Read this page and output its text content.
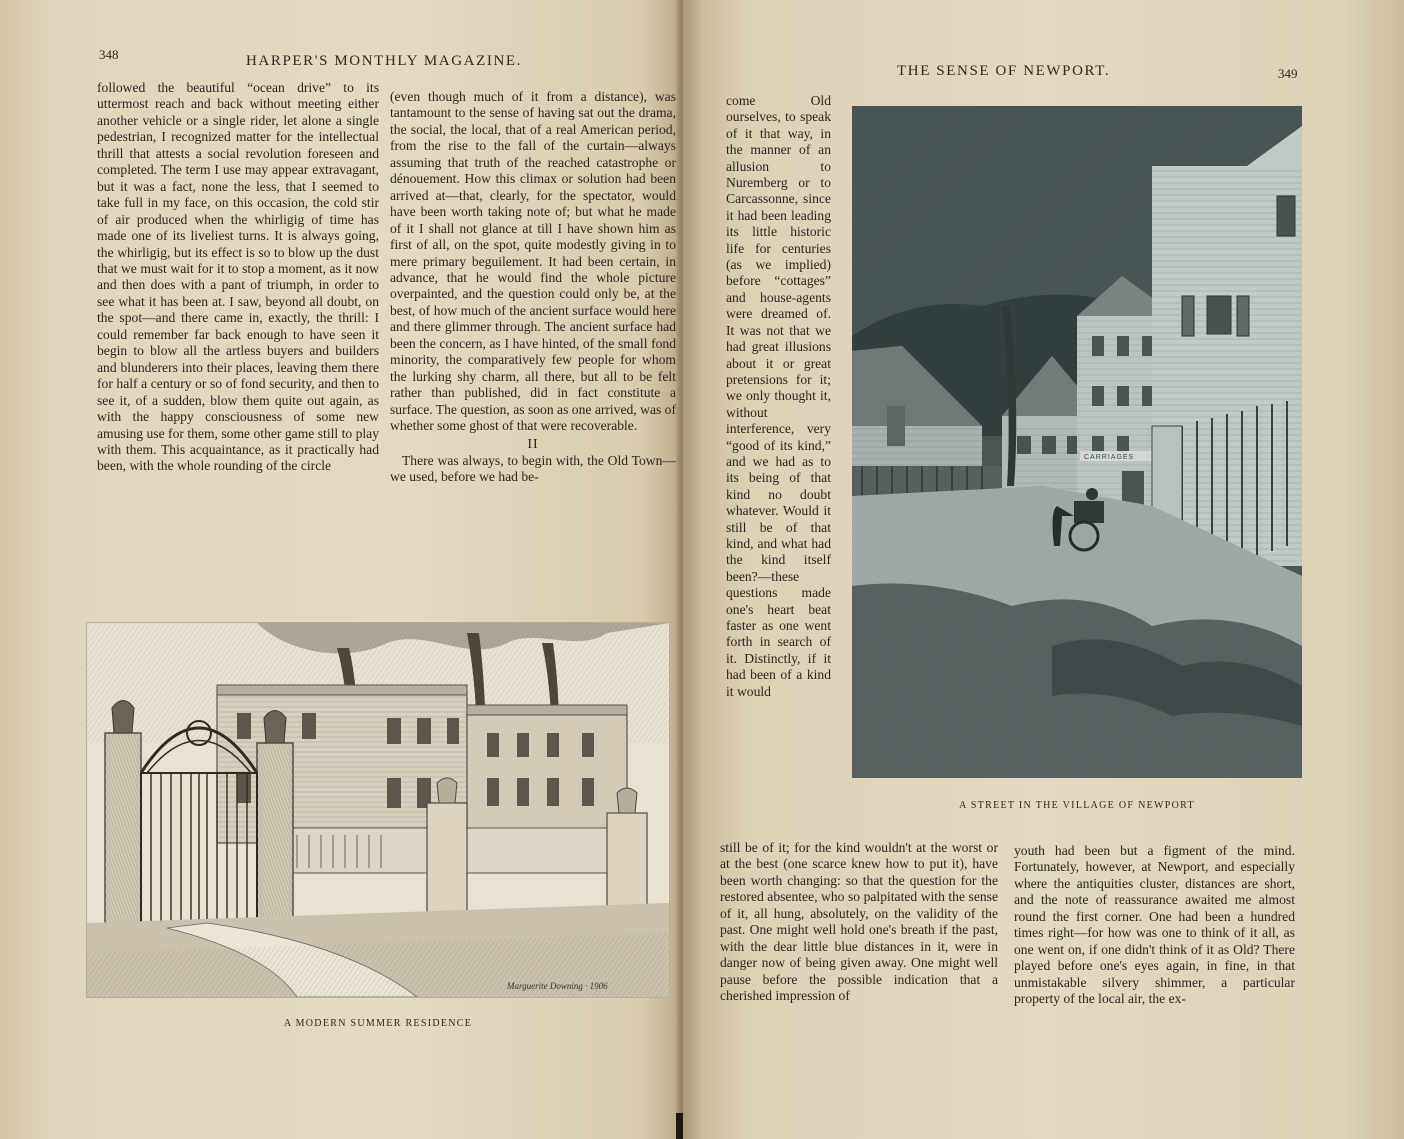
348	HARPER'S MONTHLY MAGAZINE.

followed the beautiful “ocean drive” to its uttermost reach and back without meeting either another vehicle or a single rider, let alone a single pedestrian, I recognized matter for the intellectual thrill that attests a social revolution foreseen and completed. The term I use may appear extravagant, but it was a fact, none the less, that I seemed to take full in my face, on this occasion, the cold stir of air produced when the whirligig of time has made one of its liveliest turns. It is always going, the whirligig, but its effect is so to blow up the dust that we must wait for it to stop a moment, as it now and then does with a pant of triumph, in order to see what it has been at. I saw, beyond all doubt, on the spot—and there came in, exactly, the thrill: I could remember far back enough to have seen it begin to blow all the artless buyers and builders and blunderers into their places, leaving them there for half a century or so of fond security, and then to see it, of a sudden, blow them quite out again, as with the happy consciousness of some new amusing use for them, some other game still to play with them. This acquaintance, as it practically had been, with the whole rounding of the circle

(even though much of it from a distance), was tantamount to the sense of having sat out the drama, the social, the local, that of a real American period, from the rise to the fall of the curtain—always assuming that truth of the reached catastrophe or dénouement. How this climax or solution had been arrived at—that, clearly, for the spectator, would have been worth taking note of; but what he made of it I shall not glance at till I have shown him as first of all, on the spot, quite modestly giving in to mere primary beguilement. It had been certain, in advance, that he would find the whole picture overpainted, and the question could only be, at the best, of how much of the ancient surface would here and there glimmer through. The ancient surface had been the concern, as I have hinted, of the small fond minority, the comparatively few people for whom the lurking shy charm, all there, but all to be felt rather than published, did in fact constitute a surface. The question, as soon as one arrived, was of whether some ghost of that were recoverable.

II

There was always, to begin with, the Old Town—we used, before we had be-

Marguerite Downing · 1906
A MODERN SUMMER RESIDENCE
THE SENSE OF NEWPORT.	349

come Old ourselves, to speak of it that way, in the manner of an allusion to Nuremberg or to Carcassonne, since it had been leading its little historic life for centuries (as we implied) before “cottages” and house-agents were dreamed of. It was not that we had great illusions about it or great pretensions for it; we only thought it, without interference, very “good of its kind,” and we had as to its being of that kind no doubt whatever. Would it still be of that kind, and what had the kind itself been?—these questions made one's heart beat faster as one went forth in search of it. Distinctly, if it had been of a kind it would

still be of it; for the kind wouldn't at the worst or at the best (one scarce knew how to put it), have been worth changing: so that the question for the restored absentee, who so palpitated with the sense of it, all hung, absolutely, on the validity of the past. One might well hold one's breath if the past, with the dear little blue distances in it, were in danger now of being given away. One might well pause before the possible indication that a cherished impression of

youth had been but a figment of the mind. Fortunately, however, at Newport, and especially where the antiquities cluster, distances are short, and the note of reassurance awaited me almost round the first corner. One had been a hundred times right—for how was one to think of it all, as one went on, if one didn't think of it as Old? There played before one's eyes again, in fine, in that unmistakable silvery shimmer, a particular property of the local air, the ex-

A STREET IN THE VILLAGE OF NEWPORT
CARRIAGES
